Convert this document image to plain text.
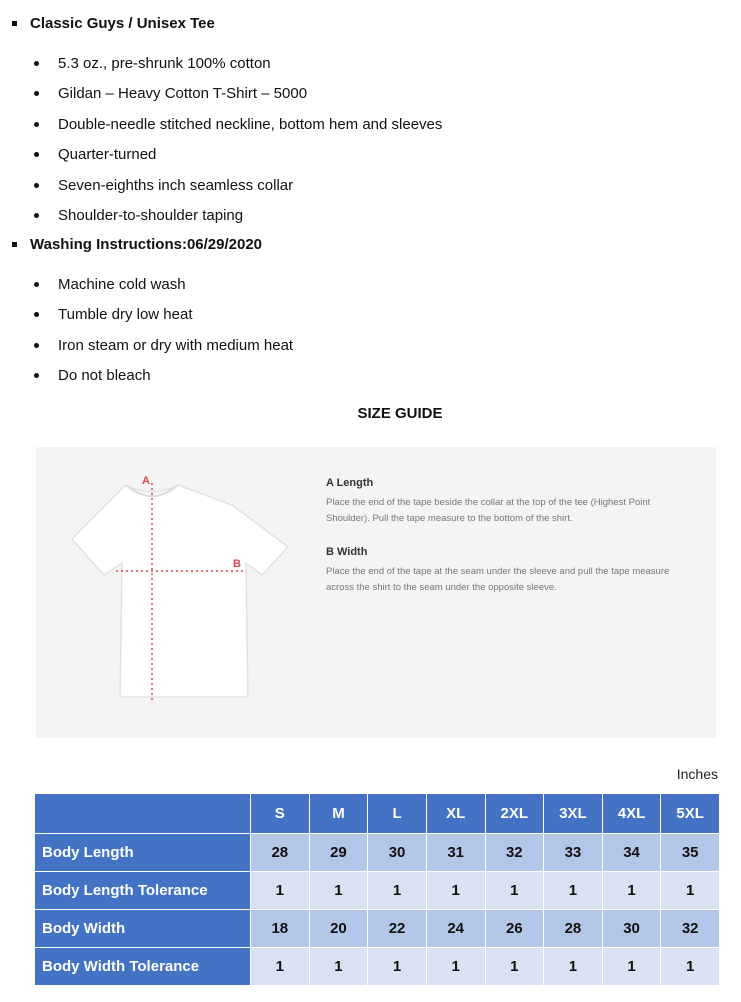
Classic Guys / Unisex Tee
5.3 oz., pre-shrunk 100% cotton
Gildan – Heavy Cotton T-Shirt – 5000
Double-needle stitched neckline, bottom hem and sleeves
Quarter-turned
Seven-eighths inch seamless collar
Shoulder-to-shoulder taping
Washing Instructions:06/29/2020
Machine cold wash
Tumble dry low heat
Iron steam or dry with medium heat
Do not bleach
SIZE GUIDE
A
B
A Length

Place the end of the tape beside the collar at the top of the tee (Highest Point Shoulder). Pull the tape measure to the bottom of the shirt.

B Width

Place the end of the tape at the seam under the sleeve and pull the tape measure across the shirt to the seam under the opposite sleeve.

Inches
	S	M	L	XL	2XL	3XL	4XL	5XL
Body Length	28	29	30	31	32	33	34	35
Body Length Tolerance	1	1	1	1	1	1	1	1
Body Width	18	20	22	24	26	28	30	32
Body Width Tolerance	1	1	1	1	1	1	1	1
